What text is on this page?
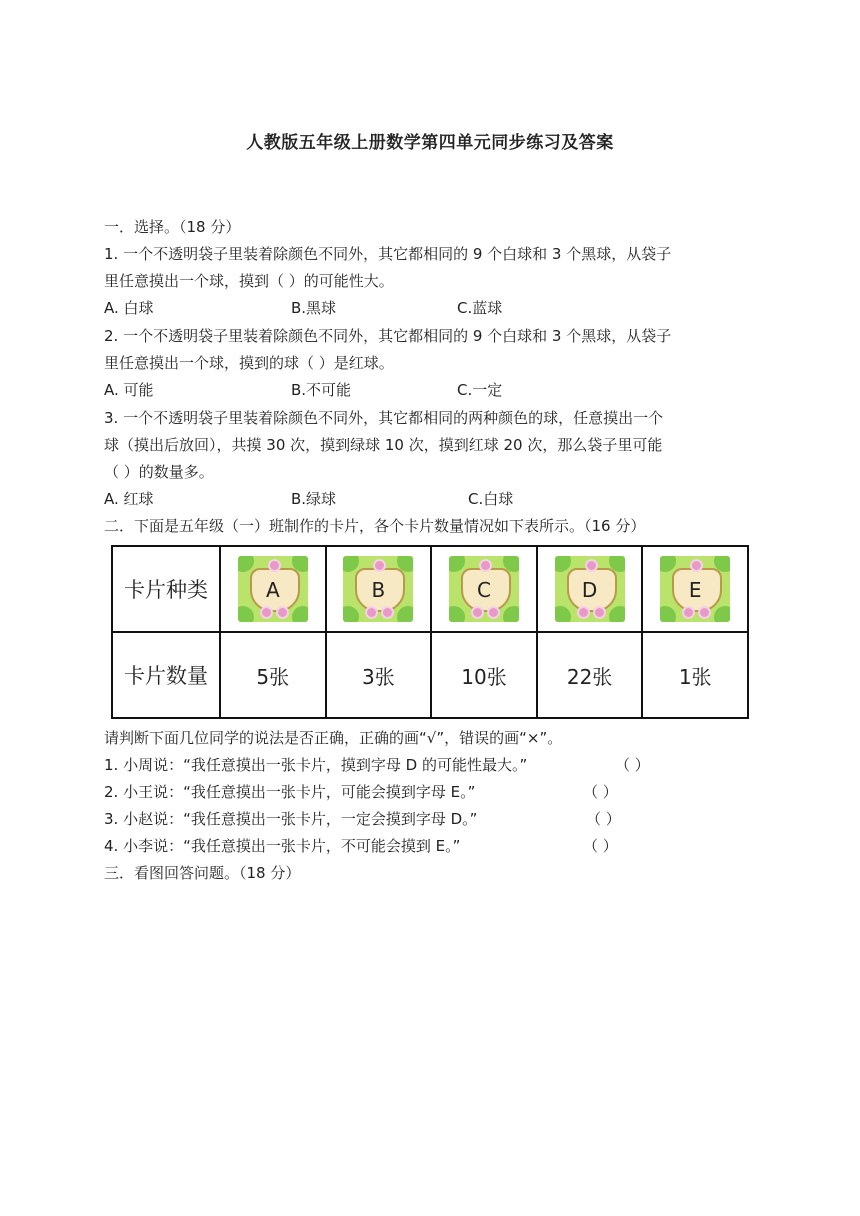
人教版五年级上册数学第四单元同步练习及答案
一．选择。（18 分）
1. 一个不透明袋子里装着除颜色不同外，其它都相同的 9 个白球和 3 个黑球，从袋子
里任意摸出一个球，摸到（ ）的可能性大。
A. 白球	B.黑球	C.蓝球
2. 一个不透明袋子里装着除颜色不同外，其它都相同的 9 个白球和 3 个黑球，从袋子
里任意摸出一个球，摸到的球（ ）是红球。
A. 可能	B.不可能	C.一定
3. 一个不透明袋子里装着除颜色不同外，其它都相同的两种颜色的球，任意摸出一个
球（摸出后放回），共摸 30 次，摸到绿球 10 次，摸到红球 20 次，那么袋子里可能
（ ）的数量多。
A. 红球	B.绿球	C.白球
二．下面是五年级（一）班制作的卡片，各个卡片数量情况如下表所示。（16 分）
卡片种类	A	B	C	D	E

卡片数量	5张	3张	10张	22张	1张
请判断下面几位同学的说法是否正确，正确的画“√”，错误的画“×”。
1. 小周说：“我任意摸出一张卡片，摸到字母 D 的可能性最大。”	（ ）
2. 小王说：“我任意摸出一张卡片，可能会摸到字母 E。”	（ ）
3. 小赵说：“我任意摸出一张卡片，一定会摸到字母 D。”	（ ）
4. 小李说：“我任意摸出一张卡片，不可能会摸到 E。”	（ ）
三．看图回答问题。（18 分）
